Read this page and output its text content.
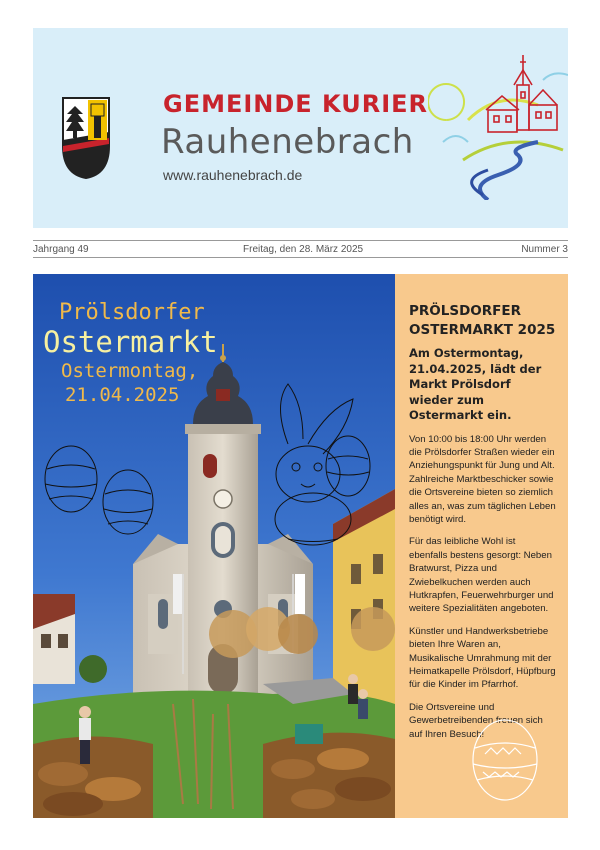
GEMEINDE KURIER
Rauhenebrach
www.rauhenebrach.de
Jahrgang 49	Freitag, den 28. März 2025	Nummer 3
Prölsdorfer
Ostermarkt
Ostermontag,
21.04.2025
PRÖLSDORFER
OSTERMARKT 2025
Am Ostermontag, 21.04.2025, lädt der Markt Prölsdorf wieder zum Ostermarkt ein.

Von 10:00 bis 18:00 Uhr werden die Prölsdorfer Straßen wieder ein Anziehungspunkt für Jung und Alt. Zahlreiche Marktbeschicker sowie die Ortsvereine bieten so ziemlich alles an, was zum täglichen Leben benötigt wird.

Für das leibliche Wohl ist ebenfalls bestens gesorgt: Neben Bratwurst, Pizza und Zwiebelkuchen werden auch Hutkrapfen, Feuerwehrburger und weitere Spezialitäten angeboten.

Künstler und Handwerksbetriebe bieten Ihre Waren an, Musikalische Umrahmung mit der Heimatkapelle Prölsdorf, Hüpfburg für die Kinder im Pfarrhof.

Die Ortsvereine und Gewerbetreibenden freuen sich auf Ihren Besuch!
